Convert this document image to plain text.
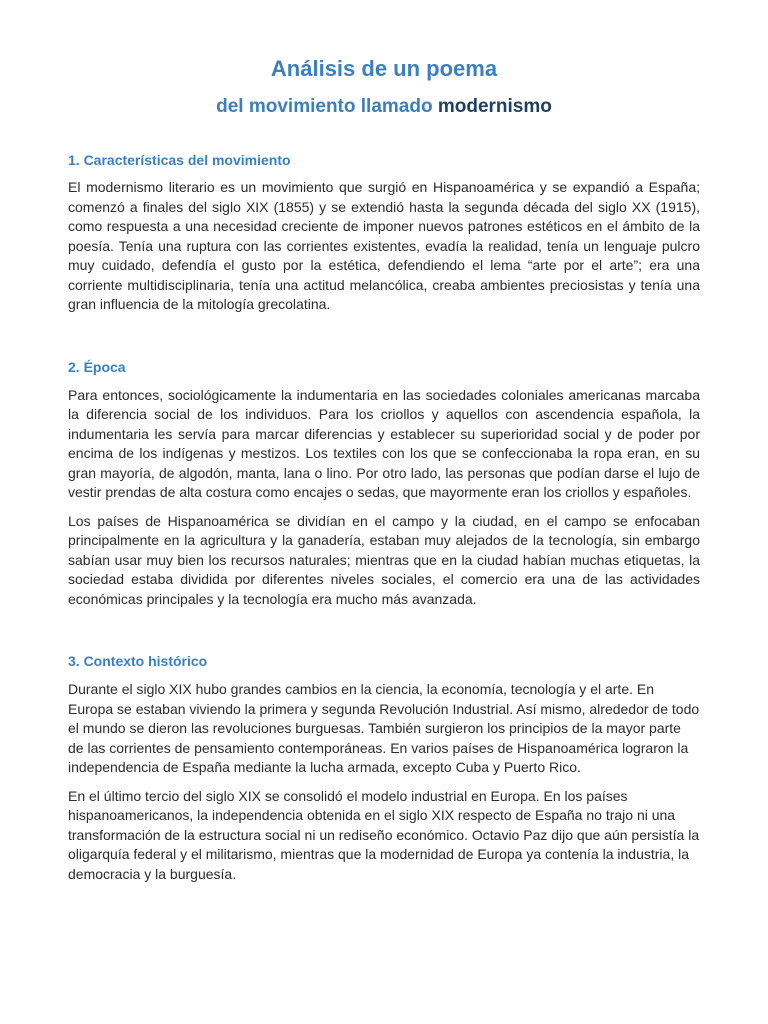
Análisis de un poema
del movimiento llamado modernismo
1. Características del movimiento

El modernismo literario es un movimiento que surgió en Hispanoamérica y se expandió a España; comenzó a finales del siglo XIX (1855) y se extendió hasta la segunda década del siglo XX (1915), como respuesta a una necesidad creciente de imponer nuevos patrones estéticos en el ámbito de la poesía. Tenía una ruptura con las corrientes existentes, evadía la realidad, tenía un lenguaje pulcro muy cuidado, defendía el gusto por la estética, defendiendo el lema “arte por el arte”; era una corriente multidisciplinaria, tenía una actitud melancólica, creaba ambientes preciosistas y tenía una gran influencia de la mitología grecolatina.

2. Época

Para entonces, sociológicamente la indumentaria en las sociedades coloniales americanas marcaba la diferencia social de los individuos. Para los criollos y aquellos con ascendencia española, la indumentaria les servía para marcar diferencias y establecer su superioridad social y de poder por encima de los indígenas y mestizos. Los textiles con los que se confeccionaba la ropa eran, en su gran mayoría, de algodón, manta, lana o lino. Por otro lado, las personas que podían darse el lujo de vestir prendas de alta costura como encajes o sedas, que mayormente eran los criollos y españoles.

Los países de Hispanoamérica se dividían en el campo y la ciudad, en el campo se enfocaban principalmente en la agricultura y la ganadería, estaban muy alejados de la tecnología, sin embargo sabían usar muy bien los recursos naturales; mientras que en la ciudad habían muchas etiquetas, la sociedad estaba dividida por diferentes niveles sociales, el comercio era una de las actividades económicas principales y la tecnología era mucho más avanzada.

3. Contexto histórico

Durante el siglo XIX hubo grandes cambios en la ciencia, la economía, tecnología y el arte. En Europa se estaban viviendo la primera y segunda Revolución Industrial. Así mismo, alrededor de todo el mundo se dieron las revoluciones burguesas. También surgieron los principios de la mayor parte de las corrientes de pensamiento contemporáneas. En varios países de Hispanoamérica lograron la independencia de España mediante la lucha armada, excepto Cuba y Puerto Rico.

En el último tercio del siglo XIX se consolidó el modelo industrial en Europa. En los países hispanoamericanos, la independencia obtenida en el siglo XIX respecto de España no trajo ni una transformación de la estructura social ni un rediseño económico. Octavio Paz dijo que aún persistía la oligarquía federal y el militarismo, mientras que la modernidad de Europa ya contenía la industria, la democracia y la burguesía.
